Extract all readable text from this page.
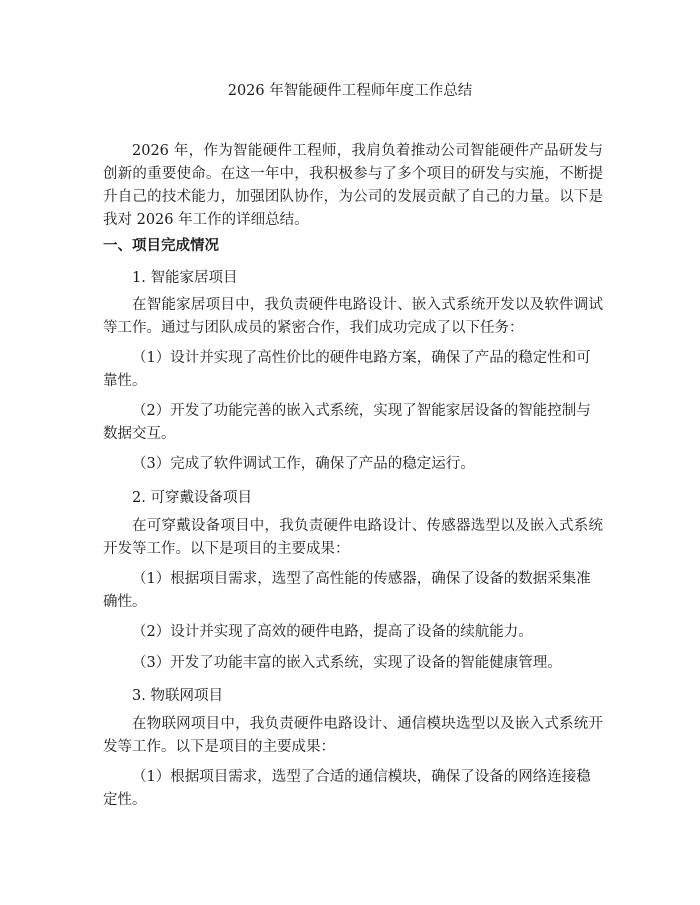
2026 年智能硬件工程师年度工作总结

2026 年，作为智能硬件工程师，我肩负着推动公司智能硬件产品研发与创新的重要使命。在这一年中，我积极参与了多个项目的研发与实施，不断提升自己的技术能力，加强团队协作，为公司的发展贡献了自己的力量。以下是我对 2026 年工作的详细总结。

一、项目完成情况

1. 智能家居项目

在智能家居项目中，我负责硬件电路设计、嵌入式系统开发以及软件调试等工作。通过与团队成员的紧密合作，我们成功完成了以下任务：

（1）设计并实现了高性价比的硬件电路方案，确保了产品的稳定性和可靠性。

（2）开发了功能完善的嵌入式系统，实现了智能家居设备的智能控制与数据交互。

（3）完成了软件调试工作，确保了产品的稳定运行。

2. 可穿戴设备项目

在可穿戴设备项目中，我负责硬件电路设计、传感器选型以及嵌入式系统开发等工作。以下是项目的主要成果：

（1）根据项目需求，选型了高性能的传感器，确保了设备的数据采集准确性。

（2）设计并实现了高效的硬件电路，提高了设备的续航能力。

（3）开发了功能丰富的嵌入式系统，实现了设备的智能健康管理。

3. 物联网项目

在物联网项目中，我负责硬件电路设计、通信模块选型以及嵌入式系统开发等工作。以下是项目的主要成果：

（1）根据项目需求，选型了合适的通信模块，确保了设备的网络连接稳定性。
